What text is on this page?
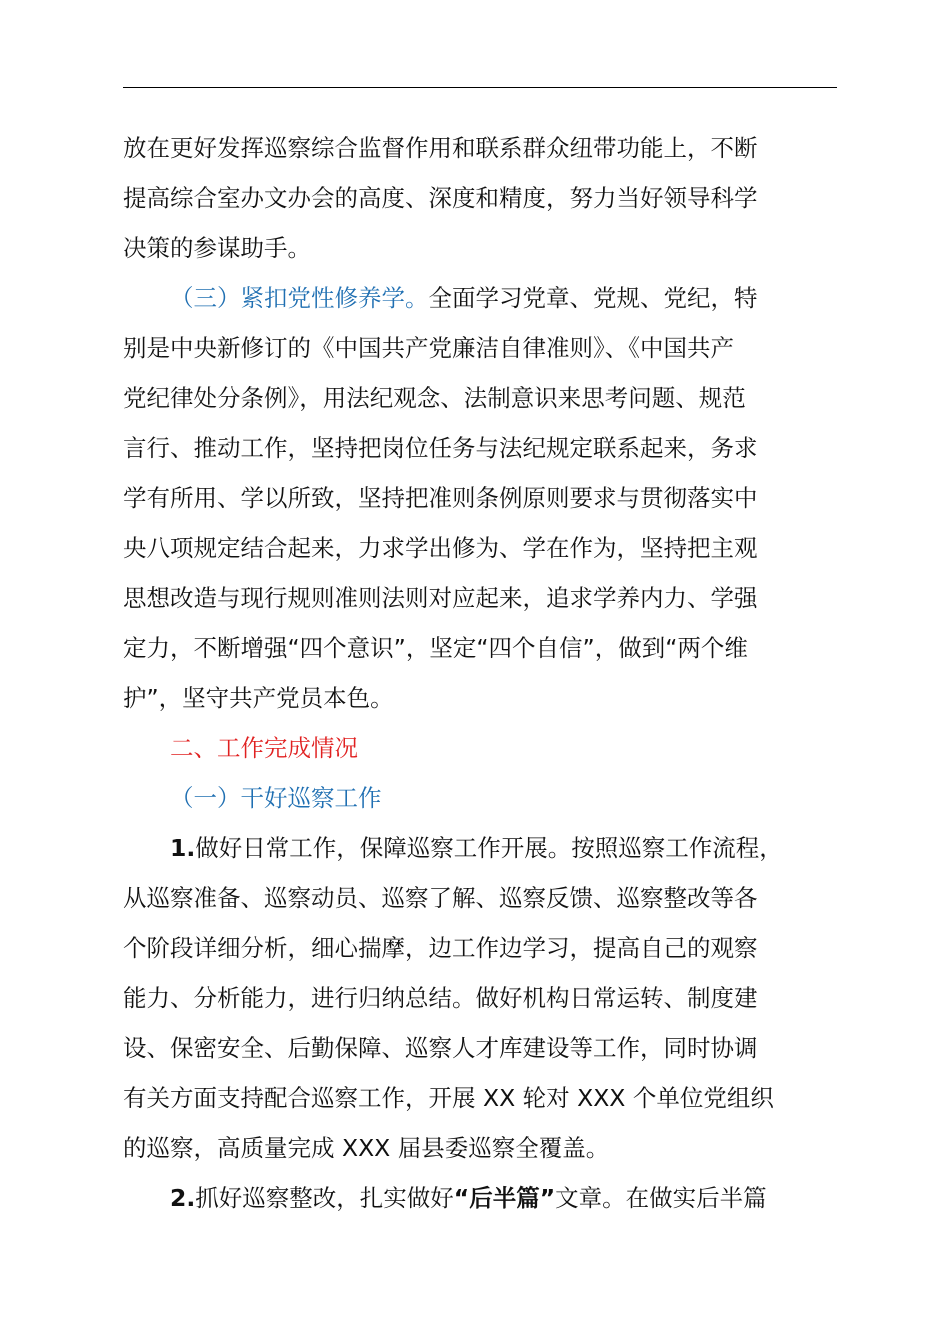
放在更好发挥巡察综合监督作用和联系群众纽带功能上，不断
提高综合室办文办会的高度、深度和精度，努力当好领导科学
决策的参谋助手。
（三）紧扣党性修养学。全面学习党章、党规、党纪，特
别是中央新修订的《中国共产党廉洁自律准则》、《中国共产
党纪律处分条例》，用法纪观念、法制意识来思考问题、规范
言行、推动工作，坚持把岗位任务与法纪规定联系起来，务求
学有所用、学以所致，坚持把准则条例原则要求与贯彻落实中
央八项规定结合起来，力求学出修为、学在作为，坚持把主观
思想改造与现行规则准则法则对应起来，追求学养内力、学强
定力，不断增强“四个意识”，坚定“四个自信”，做到“两个维
护”，坚守共产党员本色。
二、工作完成情况
（一）干好巡察工作
1.做好日常工作，保障巡察工作开展。按照巡察工作流程，
从巡察准备、巡察动员、巡察了解、巡察反馈、巡察整改等各
个阶段详细分析，细心揣摩，边工作边学习，提高自己的观察
能力、分析能力，进行归纳总结。做好机构日常运转、制度建
设、保密安全、后勤保障、巡察人才库建设等工作，同时协调
有关方面支持配合巡察工作，开展 XX 轮对 XXX 个单位党组织
的巡察，高质量完成 XXX 届县委巡察全覆盖。
2.抓好巡察整改，扎实做好“后半篇”文章。在做实后半篇
